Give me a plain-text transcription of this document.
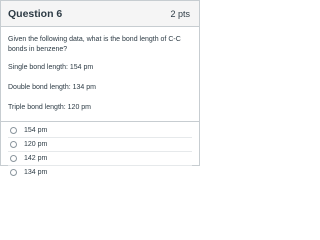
Question 6	2 pts

Given the following data, what is the bond length of C-C bonds in benzene?

Single bond length: 154 pm

Double bond length: 134 pm

Triple bond length: 120 pm

154 pm
120 pm
142 pm
134 pm
